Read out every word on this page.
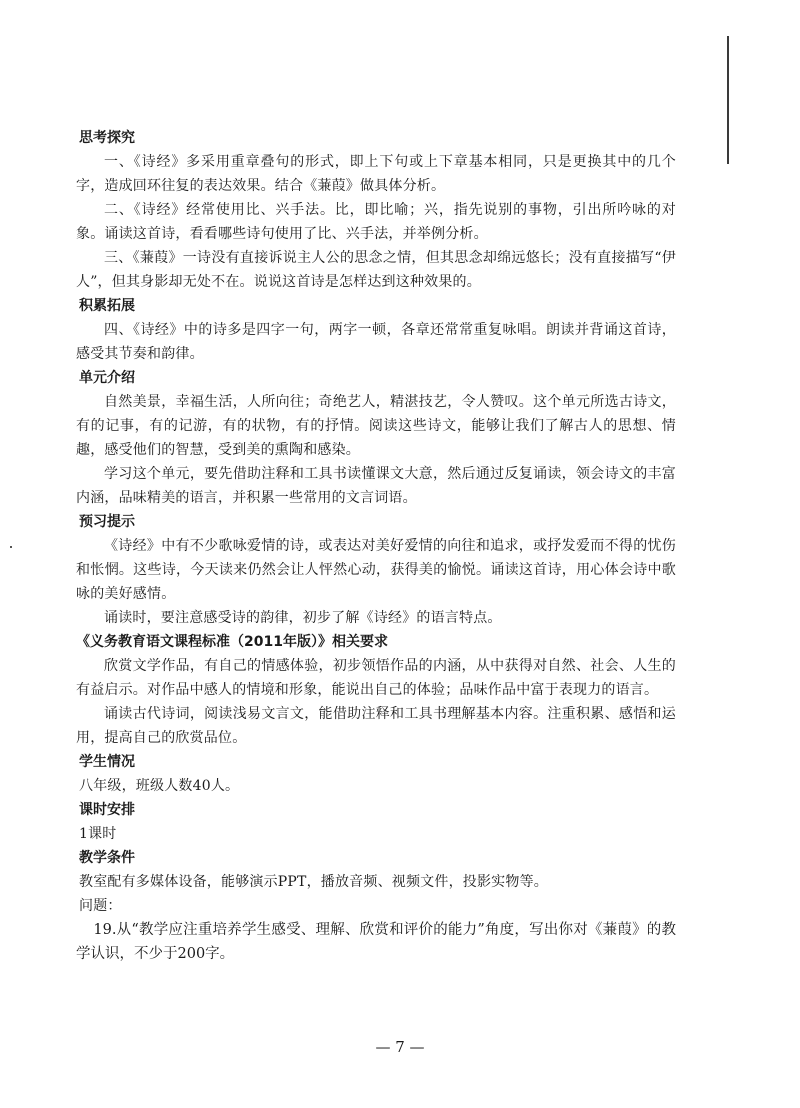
思考探究

一、《诗经》多采用重章叠句的形式，即上下句或上下章基本相同，只是更换其中的几个字，造成回环往复的表达效果。结合《蒹葭》做具体分析。

二、《诗经》经常使用比、兴手法。比，即比喻；兴，指先说别的事物，引出所吟咏的对象。诵读这首诗，看看哪些诗句使用了比、兴手法，并举例分析。

三、《蒹葭》一诗没有直接诉说主人公的思念之情，但其思念却绵远悠长；没有直接描写“伊人”，但其身影却无处不在。说说这首诗是怎样达到这种效果的。

积累拓展

四、《诗经》中的诗多是四字一句，两字一顿，各章还常常重复咏唱。朗读并背诵这首诗，感受其节奏和韵律。

单元介绍

自然美景，幸福生活，人所向往；奇绝艺人，精湛技艺，令人赞叹。这个单元所选古诗文，有的记事，有的记游，有的状物，有的抒情。阅读这些诗文，能够让我们了解古人的思想、情趣，感受他们的智慧，受到美的熏陶和感染。

学习这个单元，要先借助注释和工具书读懂课文大意，然后通过反复诵读，领会诗文的丰富内涵，品味精美的语言，并积累一些常用的文言词语。

预习提示

《诗经》中有不少歌咏爱情的诗，或表达对美好爱情的向往和追求，或抒发爱而不得的忧伤和怅惘。这些诗，今天读来仍然会让人怦然心动，获得美的愉悦。诵读这首诗，用心体会诗中歌咏的美好感情。

诵读时，要注意感受诗的韵律，初步了解《诗经》的语言特点。

《义务教育语文课程标准（2011年版）》相关要求

欣赏文学作品，有自己的情感体验，初步领悟作品的内涵，从中获得对自然、社会、人生的有益启示。对作品中感人的情境和形象，能说出自己的体验；品味作品中富于表现力的语言。

诵读古代诗词，阅读浅易文言文，能借助注释和工具书理解基本内容。注重积累、感悟和运用，提高自己的欣赏品位。

学生情况

八年级，班级人数40人。

课时安排

1课时

教学条件

教室配有多媒体设备，能够演示PPT，播放音频、视频文件，投影实物等。

问题：

19.从“教学应注重培养学生感受、理解、欣赏和评价的能力”角度，写出你对《蒹葭》的教学认识，不少于200字。

— 7 —
